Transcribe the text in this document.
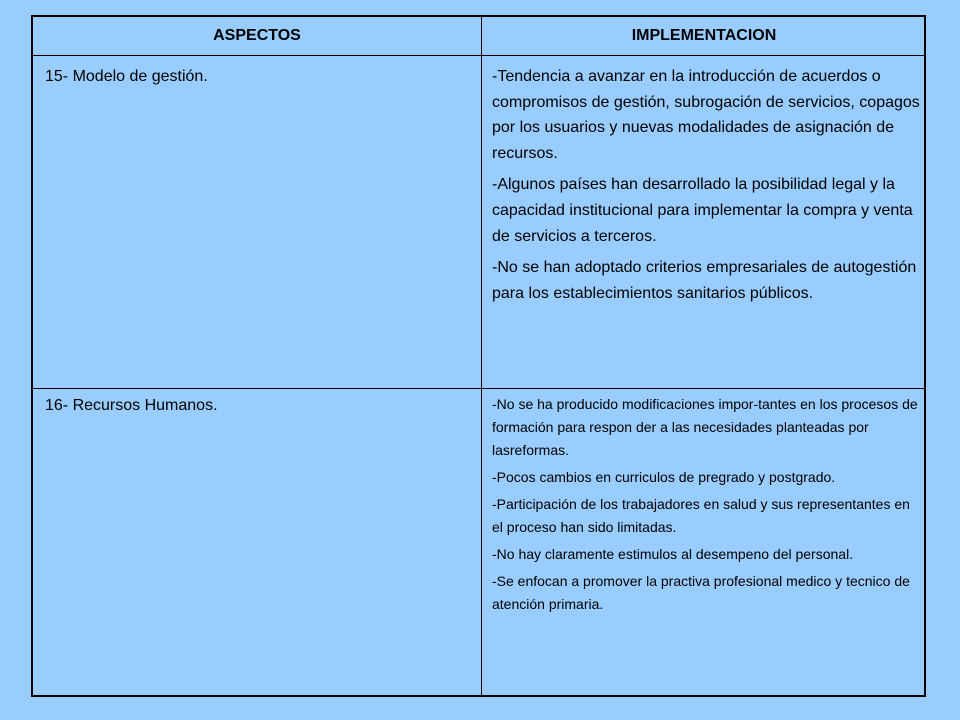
ASPECTOS	IMPLEMENTACION
15- Modelo de gestión.	-Tendencia a avanzar en la introducción de acuerdos o compromisos de gestión, subrogación de servicios, copagos por los usuarios y nuevas modalidades de asignación de recursos.

-Algunos países han desarrollado la posibilidad legal y la capacidad institucional para implementar la compra y venta de servicios a terceros.

-No se han adoptado criterios empresariales de autogestión para los establecimientos sanitarios públicos.

16- Recursos Humanos.	-No se ha producido modificaciones impor-tantes en los procesos de formación para respon der a las necesidades planteadas por lasreformas.

-Pocos cambios en curriculos de pregrado y postgrado.

-Participación de los trabajadores en salud y sus representantes en el proceso han sido limitadas.

-No hay claramente estimulos al desempeno del personal.

-Se enfocan a promover la practiva profesional medico y tecnico de atención primaria.
